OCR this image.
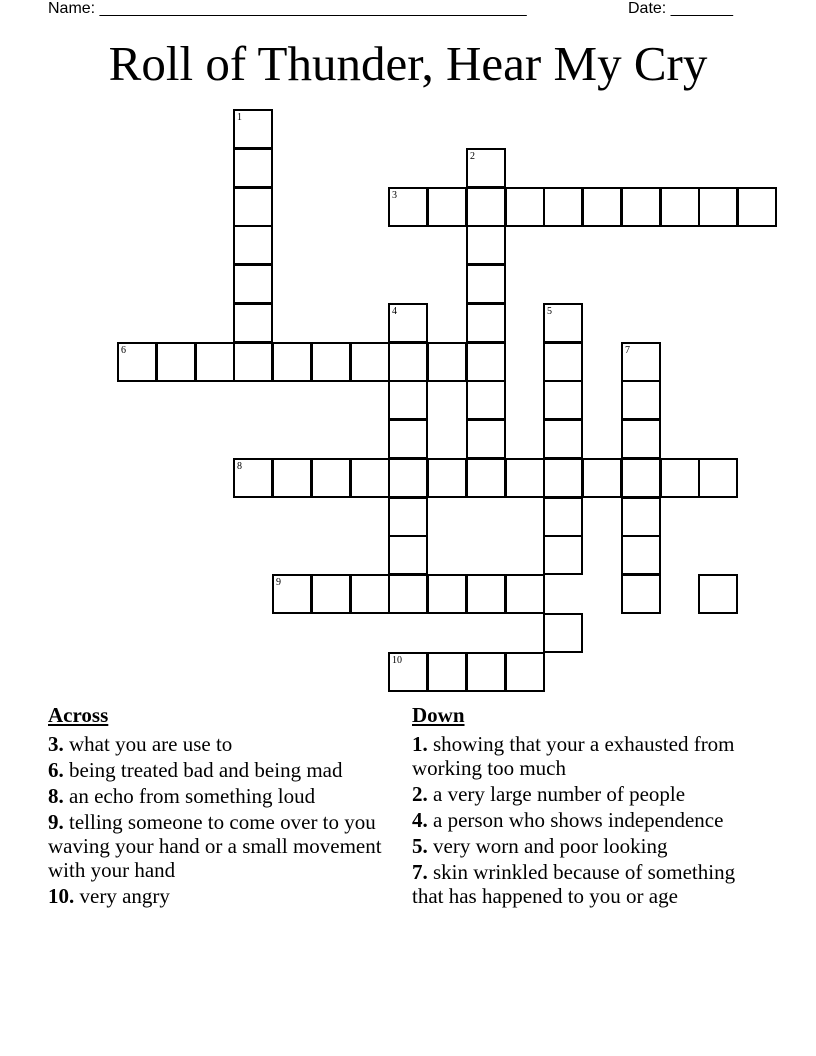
Name: ________________________________________________	Date: _______
Roll of Thunder, Hear My Cry
1
2
3
4	5
6	7
8
9
10
Across
3. what you are use to
6. being treated bad and being mad
8. an echo from something loud
9. telling someone to come over to you waving your hand or a small movement with your hand
10. very angry
Down
1. showing that your a exhausted from working too much
2. a very large number of people
4. a person who shows independence
5. very worn and poor looking
7. skin wrinkled because of something that has happened to you or age
